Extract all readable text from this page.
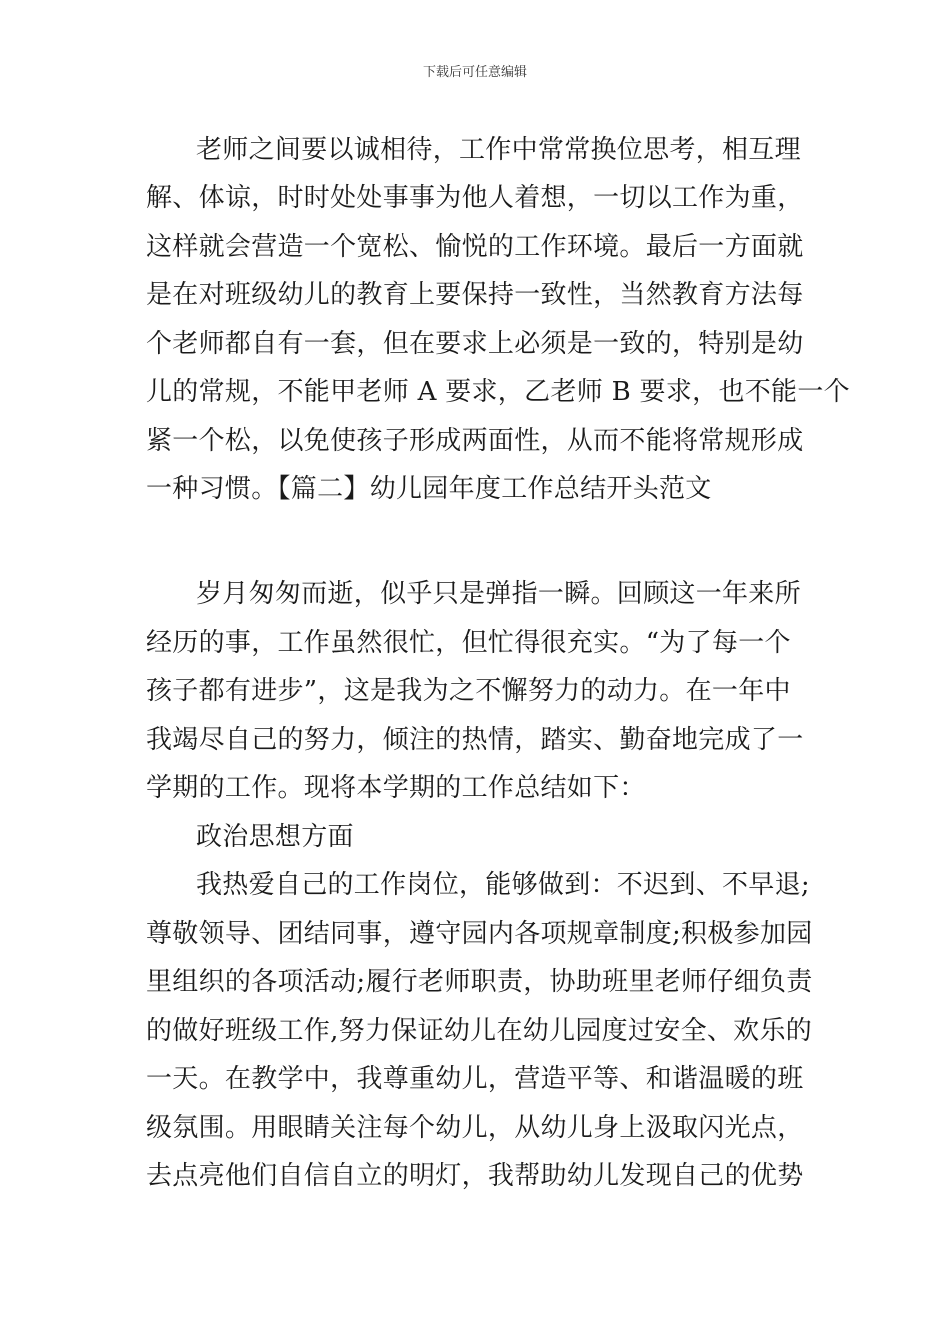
下载后可任意编辑
老师之间要以诚相待，工作中常常换位思考，相互理
解、体谅，时时处处事事为他人着想，一切以工作为重，
这样就会营造一个宽松、愉悦的工作环境。最后一方面就
是在对班级幼儿的教育上要保持一致性，当然教育方法每
个老师都自有一套，但在要求上必须是一致的，特别是幼
儿的常规，不能甲老师 A 要求，乙老师 B 要求，也不能一个
紧一个松，以免使孩子形成两面性，从而不能将常规形成
一种习惯。【篇二】幼儿园年度工作总结开头范文
岁月匆匆而逝，似乎只是弹指一瞬。回顾这一年来所
经历的事，工作虽然很忙，但忙得很充实。“为了每一个
孩子都有进步”，这是我为之不懈努力的动力。在一年中
我竭尽自己的努力，倾注的热情，踏实、勤奋地完成了一
学期的工作。现将本学期的工作总结如下：
政治思想方面
我热爱自己的工作岗位，能够做到：不迟到、不早退;
尊敬领导、团结同事，遵守园内各项规章制度;积极参加园
里组织的各项活动;履行老师职责，协助班里老师仔细负责
的做好班级工作,努力保证幼儿在幼儿园度过安全、欢乐的
一天。在教学中，我尊重幼儿，营造平等、和谐温暖的班
级氛围。用眼睛关注每个幼儿，从幼儿身上汲取闪光点，
去点亮他们自信自立的明灯，我帮助幼儿发现自己的优势
